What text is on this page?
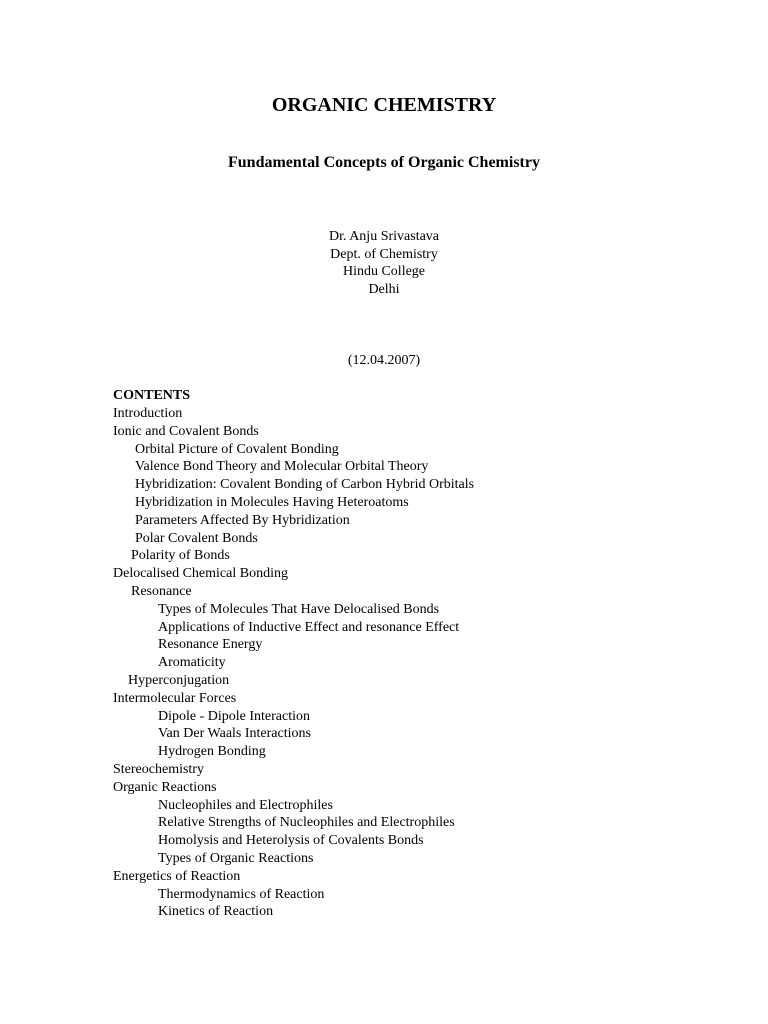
ORGANIC CHEMISTRY
Fundamental Concepts of Organic Chemistry
Dr. Anju Srivastava
Dept. of Chemistry
Hindu College
Delhi
(12.04.2007)
CONTENTS
Introduction
Ionic and Covalent Bonds
Orbital Picture of Covalent Bonding
Valence Bond Theory and Molecular Orbital Theory
Hybridization: Covalent Bonding of Carbon Hybrid Orbitals
Hybridization in Molecules Having Heteroatoms
Parameters Affected By Hybridization
Polar Covalent Bonds
Polarity of Bonds
Delocalised Chemical Bonding
Resonance
Types of Molecules That Have Delocalised Bonds
Applications of Inductive Effect and resonance Effect
Resonance Energy
Aromaticity
Hyperconjugation
Intermolecular Forces
Dipole - Dipole Interaction
Van Der Waals Interactions
Hydrogen Bonding
Stereochemistry
Organic Reactions
Nucleophiles and Electrophiles
Relative Strengths of Nucleophiles and Electrophiles
Homolysis and Heterolysis of Covalents Bonds
Types of Organic Reactions
Energetics of Reaction
Thermodynamics of Reaction
Kinetics of Reaction
